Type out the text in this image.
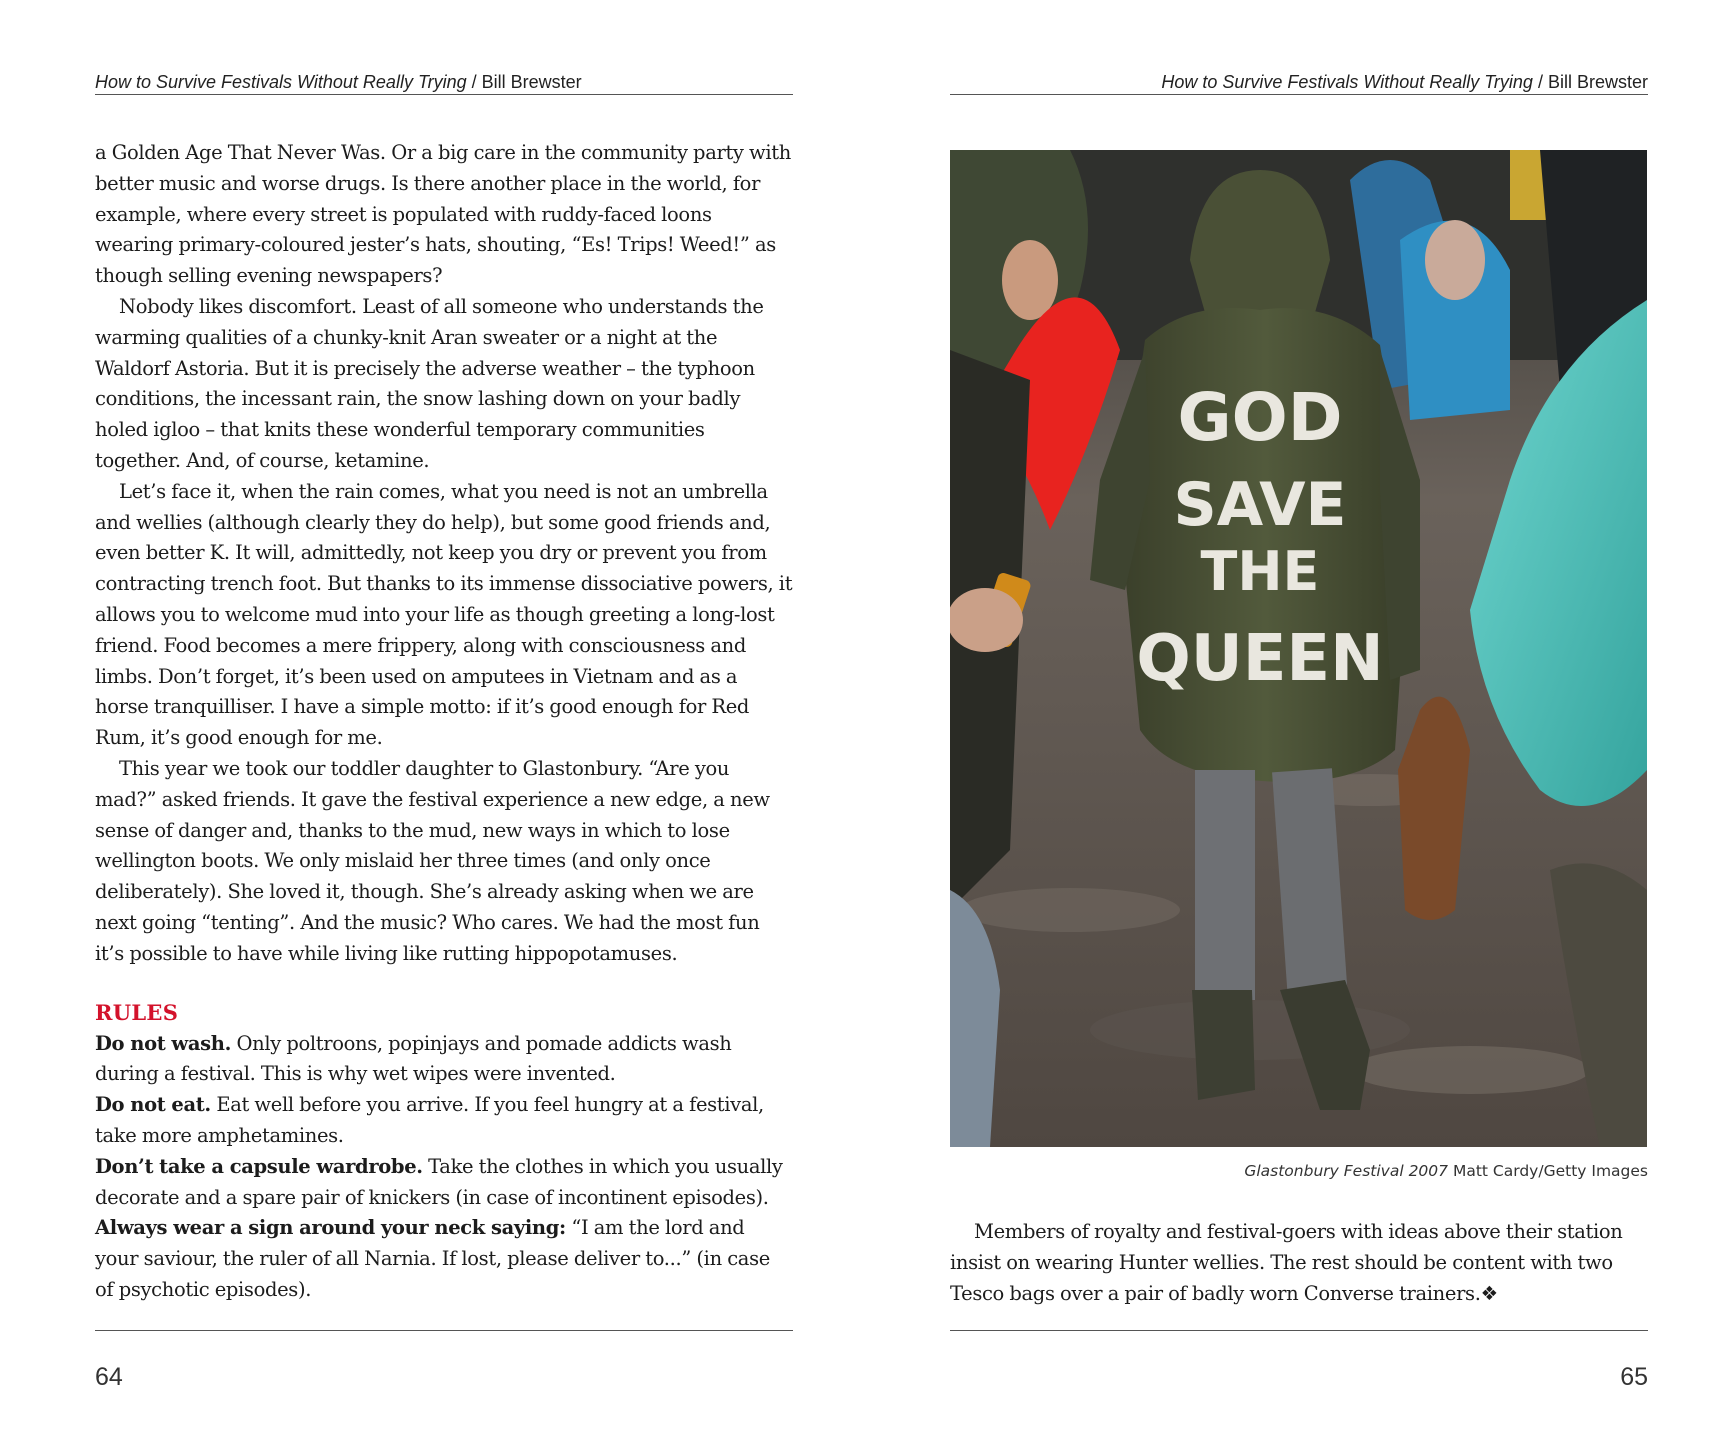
How to Survive Festivals Without Really Trying / Bill Brewster

a Golden Age That Never Was. Or a big care in the community party with better music and worse drugs. Is there another place in the world, for example, where every street is populated with ruddy-faced loons wearing primary-coloured jester’s hats, shouting, “Es! Trips! Weed!” as though selling evening newspapers?

Nobody likes discomfort. Least of all someone who understands the warming qualities of a chunky-knit Aran sweater or a night at the Waldorf Astoria. But it is precisely the adverse weather – the typhoon conditions, the incessant rain, the snow lashing down on your badly holed igloo – that knits these wonderful temporary communities together. And, of course, ketamine.

Let’s face it, when the rain comes, what you need is not an umbrella and wellies (although clearly they do help), but some good friends and, even better K. It will, admittedly, not keep you dry or prevent you from contracting trench foot. But thanks to its immense dissociative powers, it allows you to welcome mud into your life as though greeting a long-lost friend. Food becomes a mere frippery, along with consciousness and limbs. Don’t forget, it’s been used on amputees in Vietnam and as a horse tranquilliser. I have a simple motto: if it’s good enough for Red Rum, it’s good enough for me.

This year we took our toddler daughter to Glastonbury. “Are you mad?” asked friends. It gave the festival experience a new edge, a new sense of danger and, thanks to the mud, new ways in which to lose wellington boots. We only mislaid her three times (and only once deliberately). She loved it, though. She’s already asking when we are next going “tenting”. And the music? Who cares. We had the most fun it’s possible to have while living like rutting hippopotamuses.

RULES

Do not wash. Only poltroons, popinjays and pomade addicts wash during a festival. This is why wet wipes were invented.

Do not eat. Eat well before you arrive. If you feel hungry at a festival, take more amphetamines.

Don’t take a capsule wardrobe. Take the clothes in which you usually decorate and a spare pair of knickers (in case of incontinent episodes).

Always wear a sign around your neck saying: “I am the lord and your saviour, the ruler of all Narnia. If lost, please deliver to...” (in case of psychotic episodes).

64
How to Survive Festivals Without Really Trying / Bill Brewster
GOD
SAVE
THE
QUEEN
Glastonbury Festival 2007 Matt Cardy/Getty Images

Members of royalty and festival-goers with ideas above their station insist on wearing Hunter wellies. The rest should be content with two Tesco bags over a pair of badly worn Converse trainers.❖

65
